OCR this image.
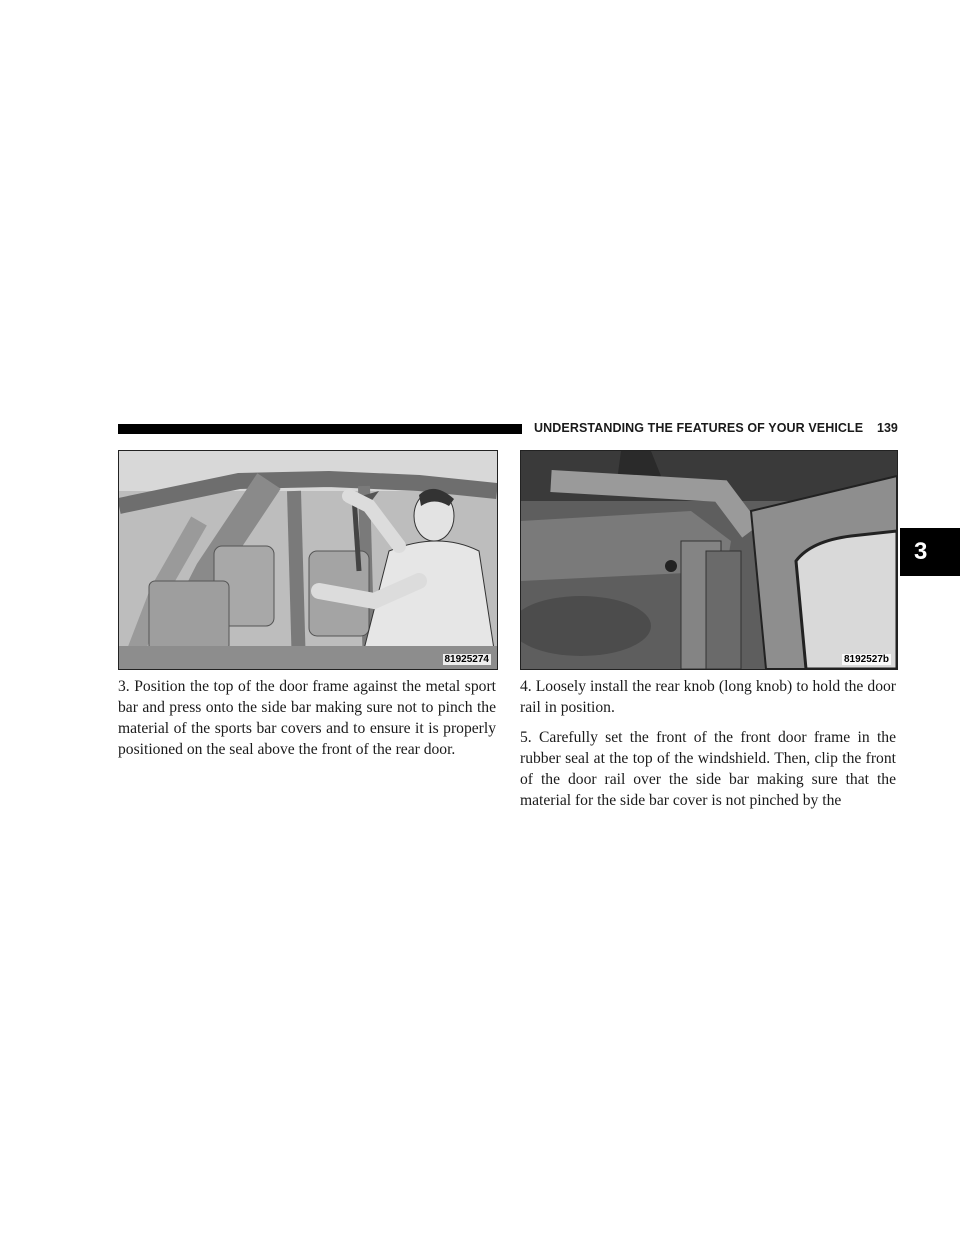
UNDERSTANDING THE FEATURES OF YOUR VEHICLE 139
3
81925274	8192527b

3. Position the top of the door frame against the metal sport bar and press onto the side bar making sure not to pinch the material of the sports bar covers and to ensure it is properly positioned on the seal above the front of the rear door.

4. Loosely install the rear knob (long knob) to hold the door rail in position.

5. Carefully set the front of the front door frame in the rubber seal at the top of the windshield. Then, clip the front of the door rail over the side bar making sure that the material for the side bar cover is not pinched by the
